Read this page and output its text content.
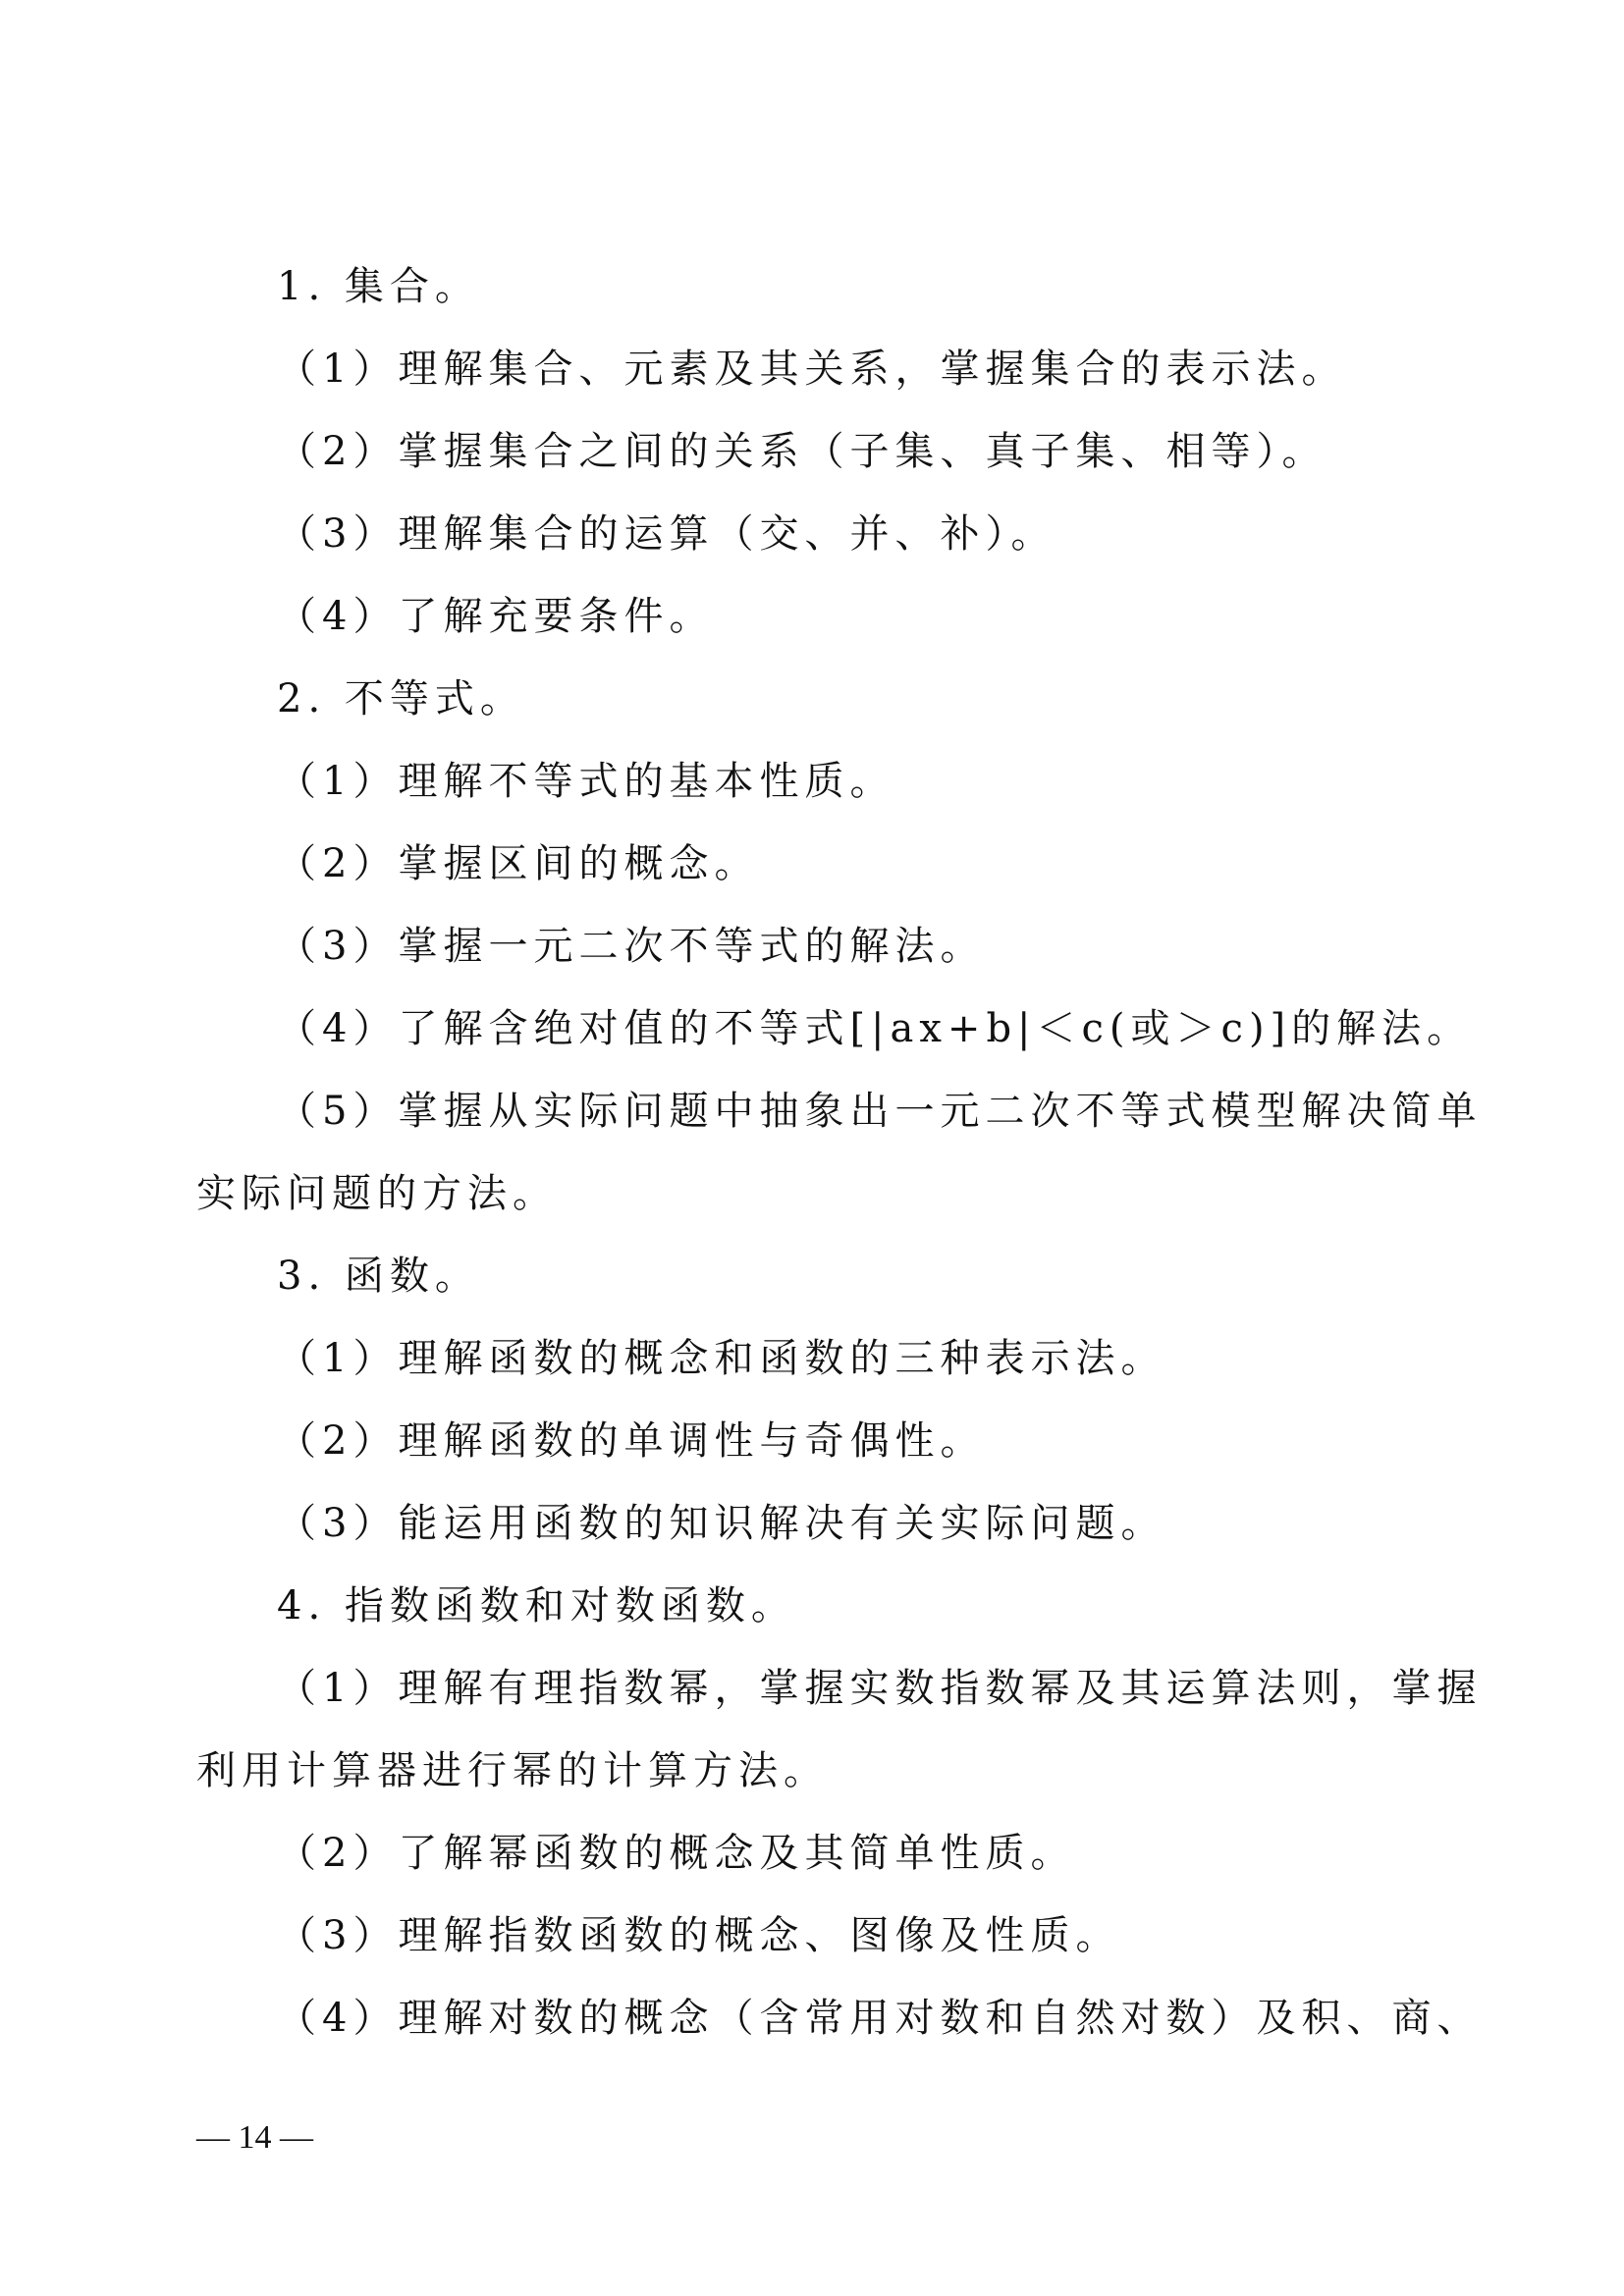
1. 集合。
（1）理解集合、元素及其关系，掌握集合的表示法。
（2）掌握集合之间的关系（子集、真子集、相等）。
（3）理解集合的运算（交、并、补）。
（4）了解充要条件。
2. 不等式。
（1）理解不等式的基本性质。
（2）掌握区间的概念。
（3）掌握一元二次不等式的解法。
（4）了解含绝对值的不等式[|ax+b|＜c(或＞c)]的解法。
（5）掌握从实际问题中抽象出一元二次不等式模型解决简单
实际问题的方法。
3. 函数。
（1）理解函数的概念和函数的三种表示法。
（2）理解函数的单调性与奇偶性。
（3）能运用函数的知识解决有关实际问题。
4. 指数函数和对数函数。
（1）理解有理指数幂，掌握实数指数幂及其运算法则，掌握
利用计算器进行幂的计算方法。
（2）了解幂函数的概念及其简单性质。
（3）理解指数函数的概念、图像及性质。
（4）理解对数的概念（含常用对数和自然对数）及积、商、
— 14 —
